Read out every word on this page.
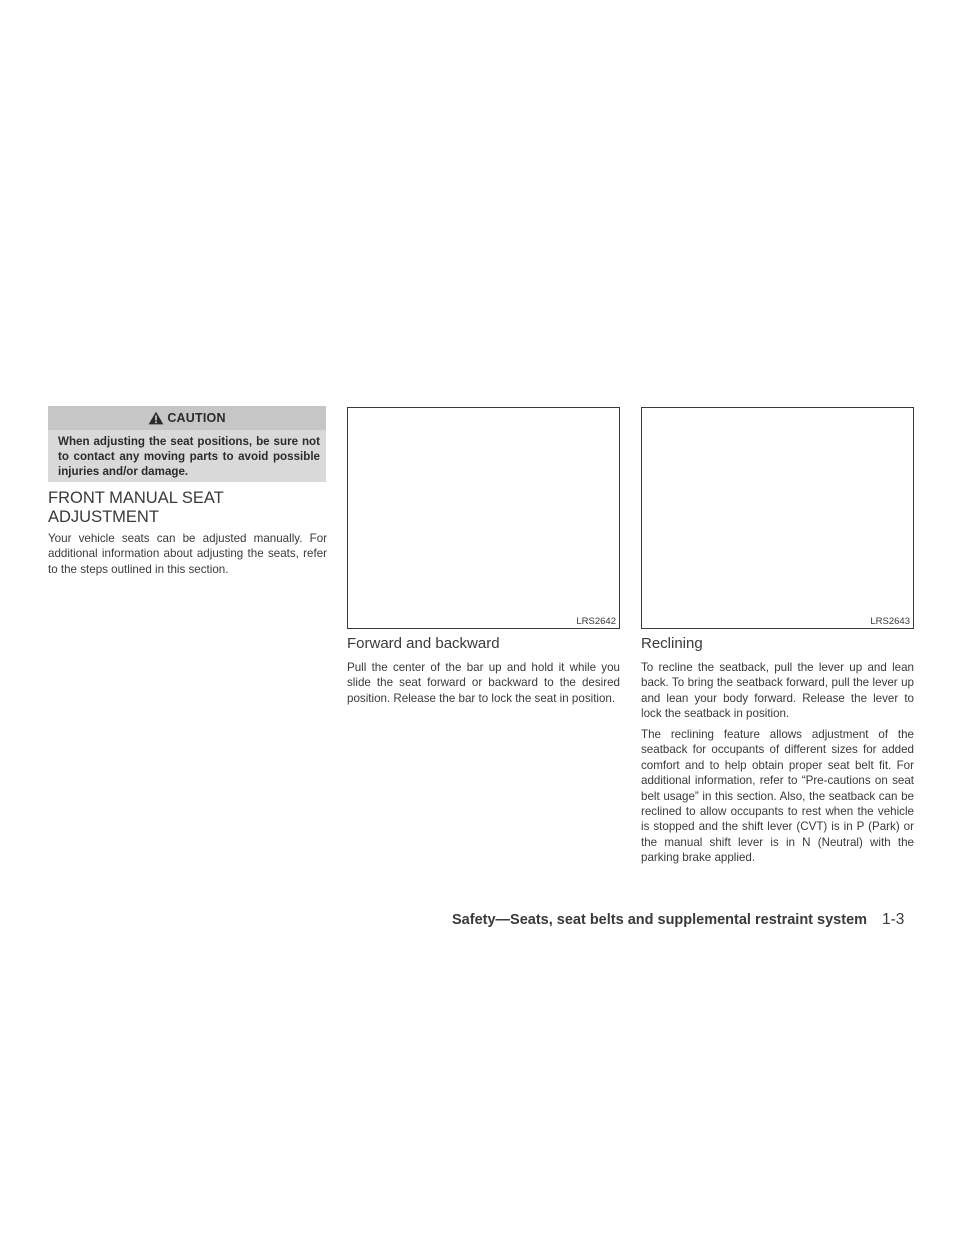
CAUTION
When adjusting the seat positions, be sure not to contact any moving parts to avoid possible injuries and/or damage.
FRONT MANUAL SEAT
ADJUSTMENT

Your vehicle seats can be adjusted manually. For additional information about adjusting the seats, refer to the steps outlined in this section.

LRS2642
Forward and backward

Pull the center of the bar up and hold it while you slide the seat forward or backward to the desired position. Release the bar to lock the seat in position.

LRS2643
Reclining

To recline the seatback, pull the lever up and lean back. To bring the seatback forward, pull the lever up and lean your body forward. Release the lever to lock the seatback in position.

The reclining feature allows adjustment of the seatback for occupants of different sizes for added comfort and to help obtain proper seat belt fit. For additional information, refer to “Pre-cautions on seat belt usage” in this section. Also, the seatback can be reclined to allow occupants to rest when the vehicle is stopped and the shift lever (CVT) is in P (Park) or the manual shift lever is in N (Neutral) with the parking brake applied.

Safety—Seats, seat belts and supplemental restraint system 1-3
